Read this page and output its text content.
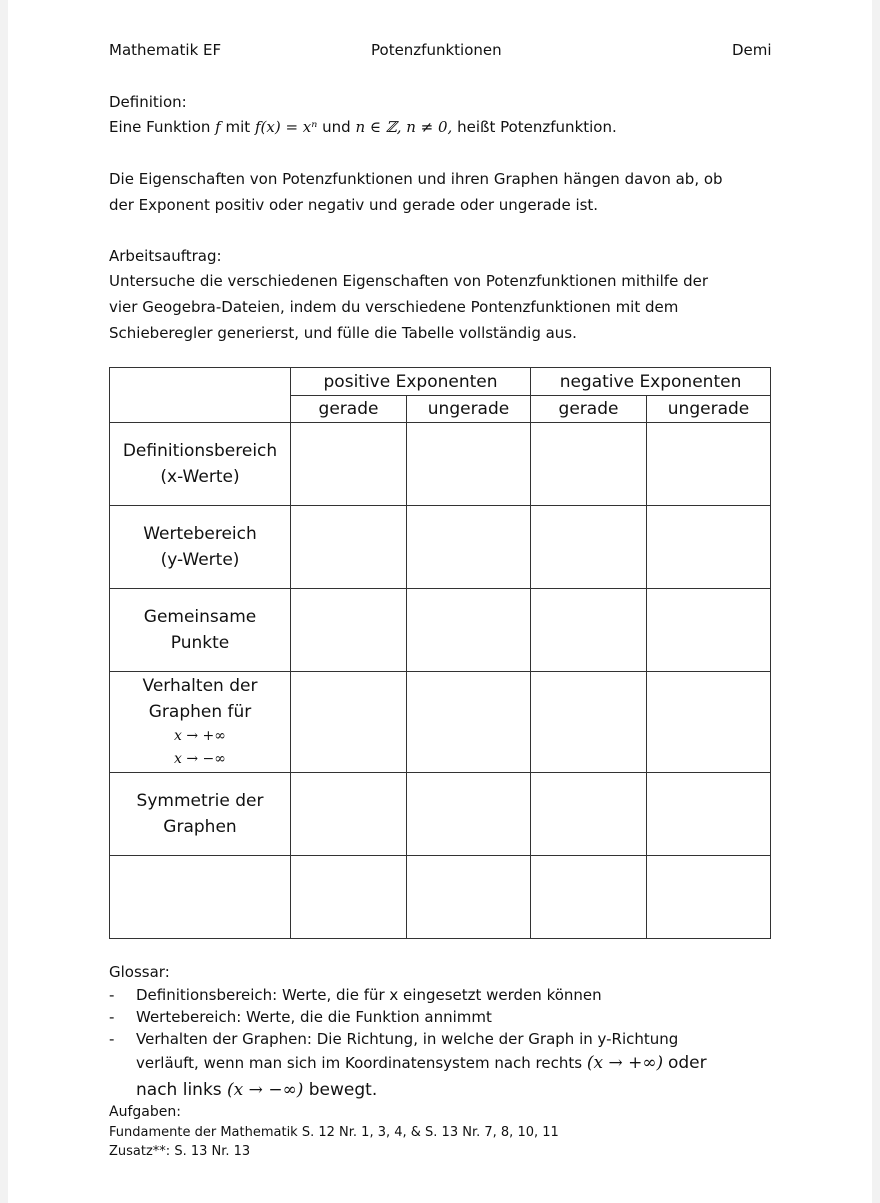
Mathematik EF	Potenzfunktionen	Demi
Definition:
Eine Funktion f mit f(x) = xⁿ und n ∈ ℤ, n ≠ 0, heißt Potenzfunktion.
Die Eigenschaften von Potenzfunktionen und ihren Graphen hängen davon ab, ob
der Exponent positiv oder negativ und gerade oder ungerade ist.
Arbeitsauftrag:
Untersuche die verschiedenen Eigenschaften von Potenzfunktionen mithilfe der
vier Geogebra-Dateien, indem du verschiedene Pontenzfunktionen mit dem
Schieberegler generierst, und fülle die Tabelle vollständig aus.
	positive Exponenten		negative Exponenten	
	gerade	ungerade	gerade	ungerade

Definitionsbereich
(x-Werte)				

Wertebereich
(y-Werte)				

Gemeinsame
Punkte				

Verhalten der
Graphen für
x → +∞
x → −∞				

Symmetrie der
Graphen				

Glossar:
- Definitionsbereich: Werte, die für x eingesetzt werden können
- Wertebereich: Werte, die die Funktion annimmt
- Verhalten der Graphen: Die Richtung, in welche der Graph in y-Richtung
verläuft, wenn man sich im Koordinatensystem nach rechts (x → +∞) oder
nach links (x → −∞) bewegt.
Aufgaben:
Fundamente der Mathematik S. 12 Nr. 1, 3, 4, & S. 13 Nr. 7, 8, 10, 11
Zusatz**: S. 13 Nr. 13
